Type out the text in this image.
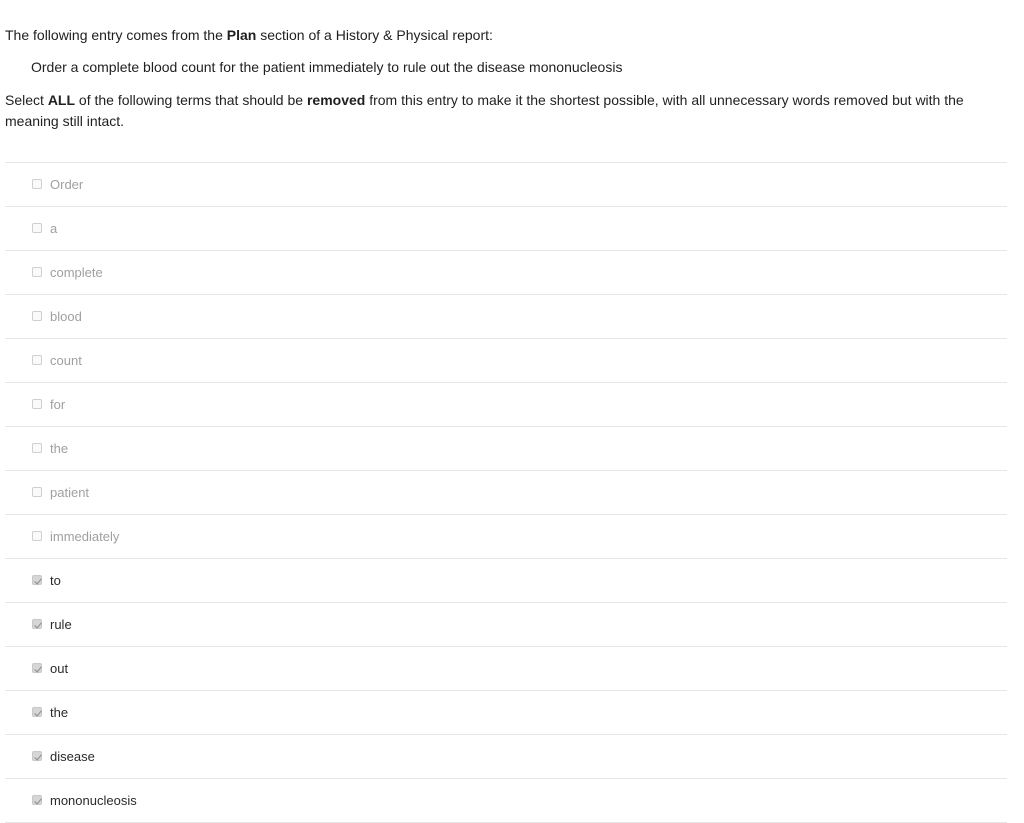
The following entry comes from the Plan section of a History & Physical report:
Order a complete blood count for the patient immediately to rule out the disease mononucleosis
Select ALL of the following terms that should be removed from this entry to make it the shortest possible, with all unnecessary words removed but with the meaning still intact.
Order
a
complete
blood
count
for
the
patient
immediately
to
rule
out
the
disease
mononucleosis
